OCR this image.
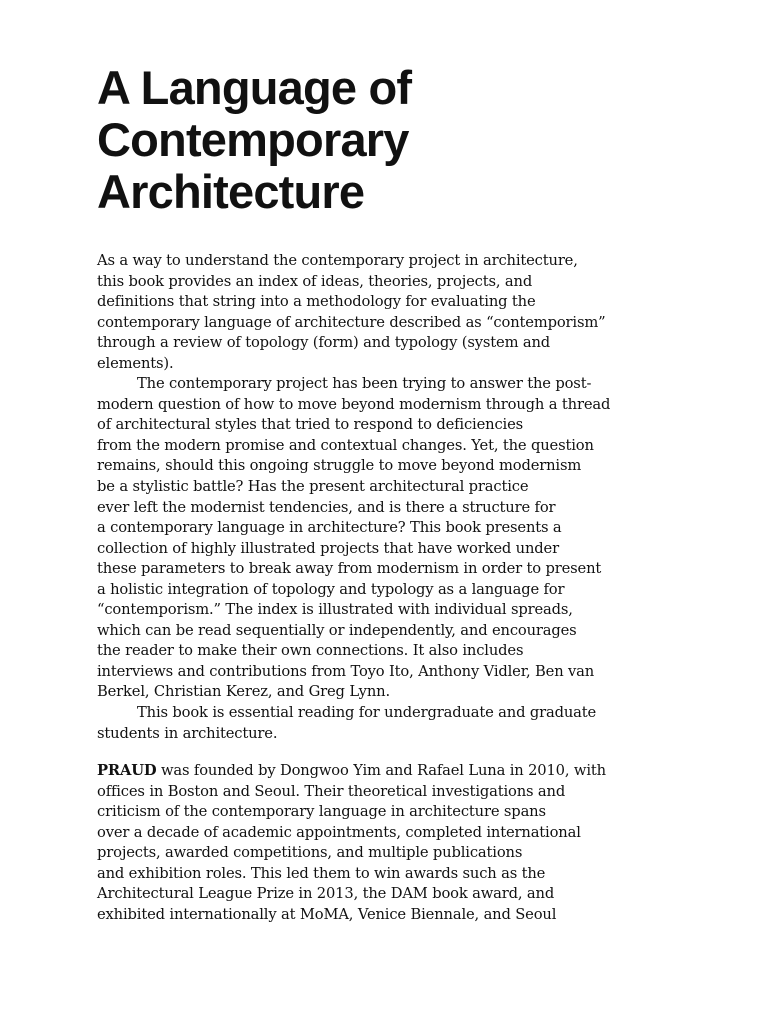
A Language of
Contemporary
Architecture
As a way to understand the contemporary project in architecture,
this book provides an index of ideas, theories, projects, and
definitions that string into a methodology for evaluating the
contemporary language of architecture described as “contemporism”
through a review of topology (form) and typology (system and
elements).
The contemporary project has been trying to answer the post-
modern question of how to move beyond modernism through a thread
of architectural styles that tried to respond to deficiencies
from the modern promise and contextual changes. Yet, the question
remains, should this ongoing struggle to move beyond modernism
be a stylistic battle? Has the present architectural practice
ever left the modernist tendencies, and is there a structure for
a contemporary language in architecture? This book presents a
collection of highly illustrated projects that have worked under
these parameters to break away from modernism in order to present
a holistic integration of topology and typology as a language for
“contemporism.” The index is illustrated with individual spreads,
which can be read sequentially or independently, and encourages
the reader to make their own connections. It also includes
interviews and contributions from Toyo Ito, Anthony Vidler, Ben van
Berkel, Christian Kerez, and Greg Lynn.
This book is essential reading for undergraduate and graduate
students in architecture.
PRAUD was founded by Dongwoo Yim and Rafael Luna in 2010, with
offices in Boston and Seoul. Their theoretical investigations and
criticism of the contemporary language in architecture spans
over a decade of academic appointments, completed international
projects, awarded competitions, and multiple publications
and exhibition roles. This led them to win awards such as the
Architectural League Prize in 2013, the DAM book award, and
exhibited internationally at MoMA, Venice Biennale, and Seoul
